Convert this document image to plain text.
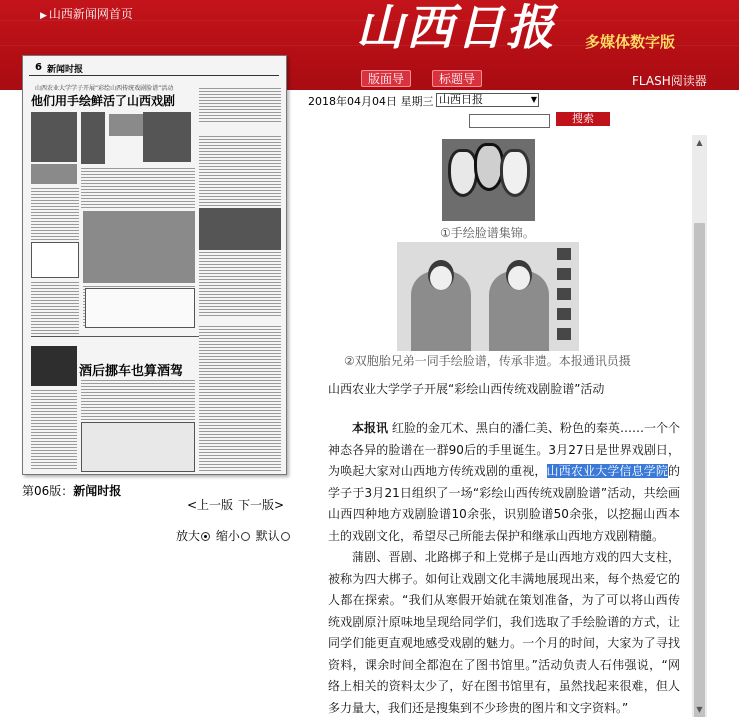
▶ 山西新闻网首页	山西日报 多媒体数字版
版面导	标题导	FLASH阅读器
6 新闻时报
山西农业大学学子开展“彩绘山西传统戏剧脸谱”活动
他们用手绘鲜活了山西戏剧
酒后挪车也算酒驾
第06版：新闻时报
<上一版 下一版>
放大 缩小 默认
2018年04月04日 星期三 山西日报	▼
搜索
①手绘脸谱集锦。
②双胞胎兄弟一同手绘脸谱，传承非遗。本报通讯员摄
山西农业大学学子开展“彩绘山西传统戏剧脸谱”活动

本报讯 红脸的金兀术、黑白的潘仁美、粉色的秦英……一个个神态各异的脸谱在一群90后的手里诞生。3月27日是世界戏剧日，为唤起大家对山西地方传统戏剧的重视，山西农业大学信息学院的学子于3月21日组织了一场“彩绘山西传统戏剧脸谱”活动，共绘画山西四种地方戏剧脸谱10余张，识别脸谱50余张，以挖掘山西本土的戏剧文化，希望尽己所能去保护和继承山西地方戏剧精髓。

蒲剧、晋剧、北路梆子和上党梆子是山西地方戏的四大支柱，被称为四大梆子。如何让戏剧文化丰满地展现出来，每个热爱它的人都在探索。“我们从寒假开始就在策划准备，为了可以将山西传统戏剧原汁原味地呈现给同学们，我们选取了手绘脸谱的方式，让同学们能更直观地感受戏剧的魅力。一个月的时间，大家为了寻找资料，课余时间全都泡在了图书馆里。”活动负责人石伟强说，“网络上相关的资料太少了，好在图书馆里有，虽然找起来很难，但人多力量大，我们还是搜集到不少珍贵的图片和文字资料。”

▲
▼
